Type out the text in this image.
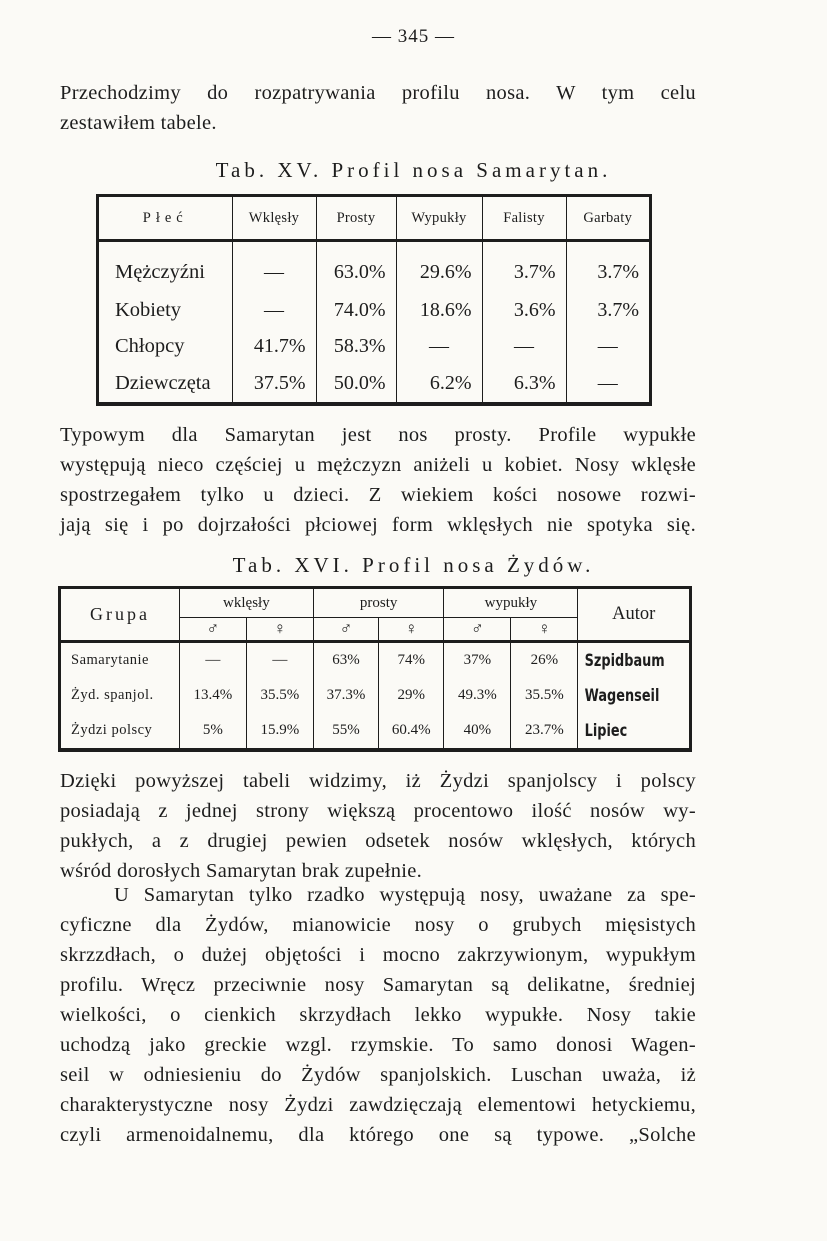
— 345 —
Przechodzimy do rozpatrywania profilu nosa. W tym celu
zestawiłem tabele.
Tab. XV. Profil nosa Samarytan.
Płeć	Wklęsły	Prosty	Wypukły	Falisty	Garbaty
Mężczyźni	—	63.0%	29.6%	3.7%	3.7%
Kobiety	—	74.0%	18.6%	3.6%	3.7%
Chłopcy	41.7%	58.3%	—	—	—
Dziewczęta	37.5%	50.0%	6.2%	6.3%	—
Typowym dla Samarytan jest nos prosty. Profile wypukłe
występują nieco częściej u mężczyzn aniżeli u kobiet. Nosy wklęsłe
spostrzegałem tylko u dzieci. Z wiekiem kości nosowe rozwi-
jają się i po dojrzałości płciowej form wklęsłych nie spotyka się.
Tab. XVI. Profil nosa Żydów.
Grupa	wklęsły		prosty		wypukły		Autor
	♂	♀	♂	♀	♂	♀	
Samarytanie	—	—	63%	74%	37%	26%	Szpidbaum
Żyd. spanjol.	13.4%	35.5%	37.3%	29%	49.3%	35.5%	Wagenseil
Żydzi polscy	5%	15.9%	55%	60.4%	40%	23.7%	Lipiec
Dzięki powyższej tabeli widzimy, iż Żydzi spanjolscy i polscy
posiadają z jednej strony większą procentowo ilość nosów wy-
pukłych, a z drugiej pewien odsetek nosów wklęsłych, których
wśród dorosłych Samarytan brak zupełnie.
U Samarytan tylko rzadko występują nosy, uważane za spe-
cyficzne dla Żydów, mianowicie nosy o grubych mięsistych
skrzzdłach, o dużej objętości i mocno zakrzywionym, wypukłym
profilu. Wręcz przeciwnie nosy Samarytan są delikatne, średniej
wielkości, o cienkich skrzydłach lekko wypukłe. Nosy takie
uchodzą jako greckie wzgl. rzymskie. To samo donosi Wagen-
seil w odniesieniu do Żydów spanjolskich. Luschan uważa, iż
charakterystyczne nosy Żydzi zawdzięczają elementowi hetyckiemu,
czyli armenoidalnemu, dla którego one są typowe. „Solche
